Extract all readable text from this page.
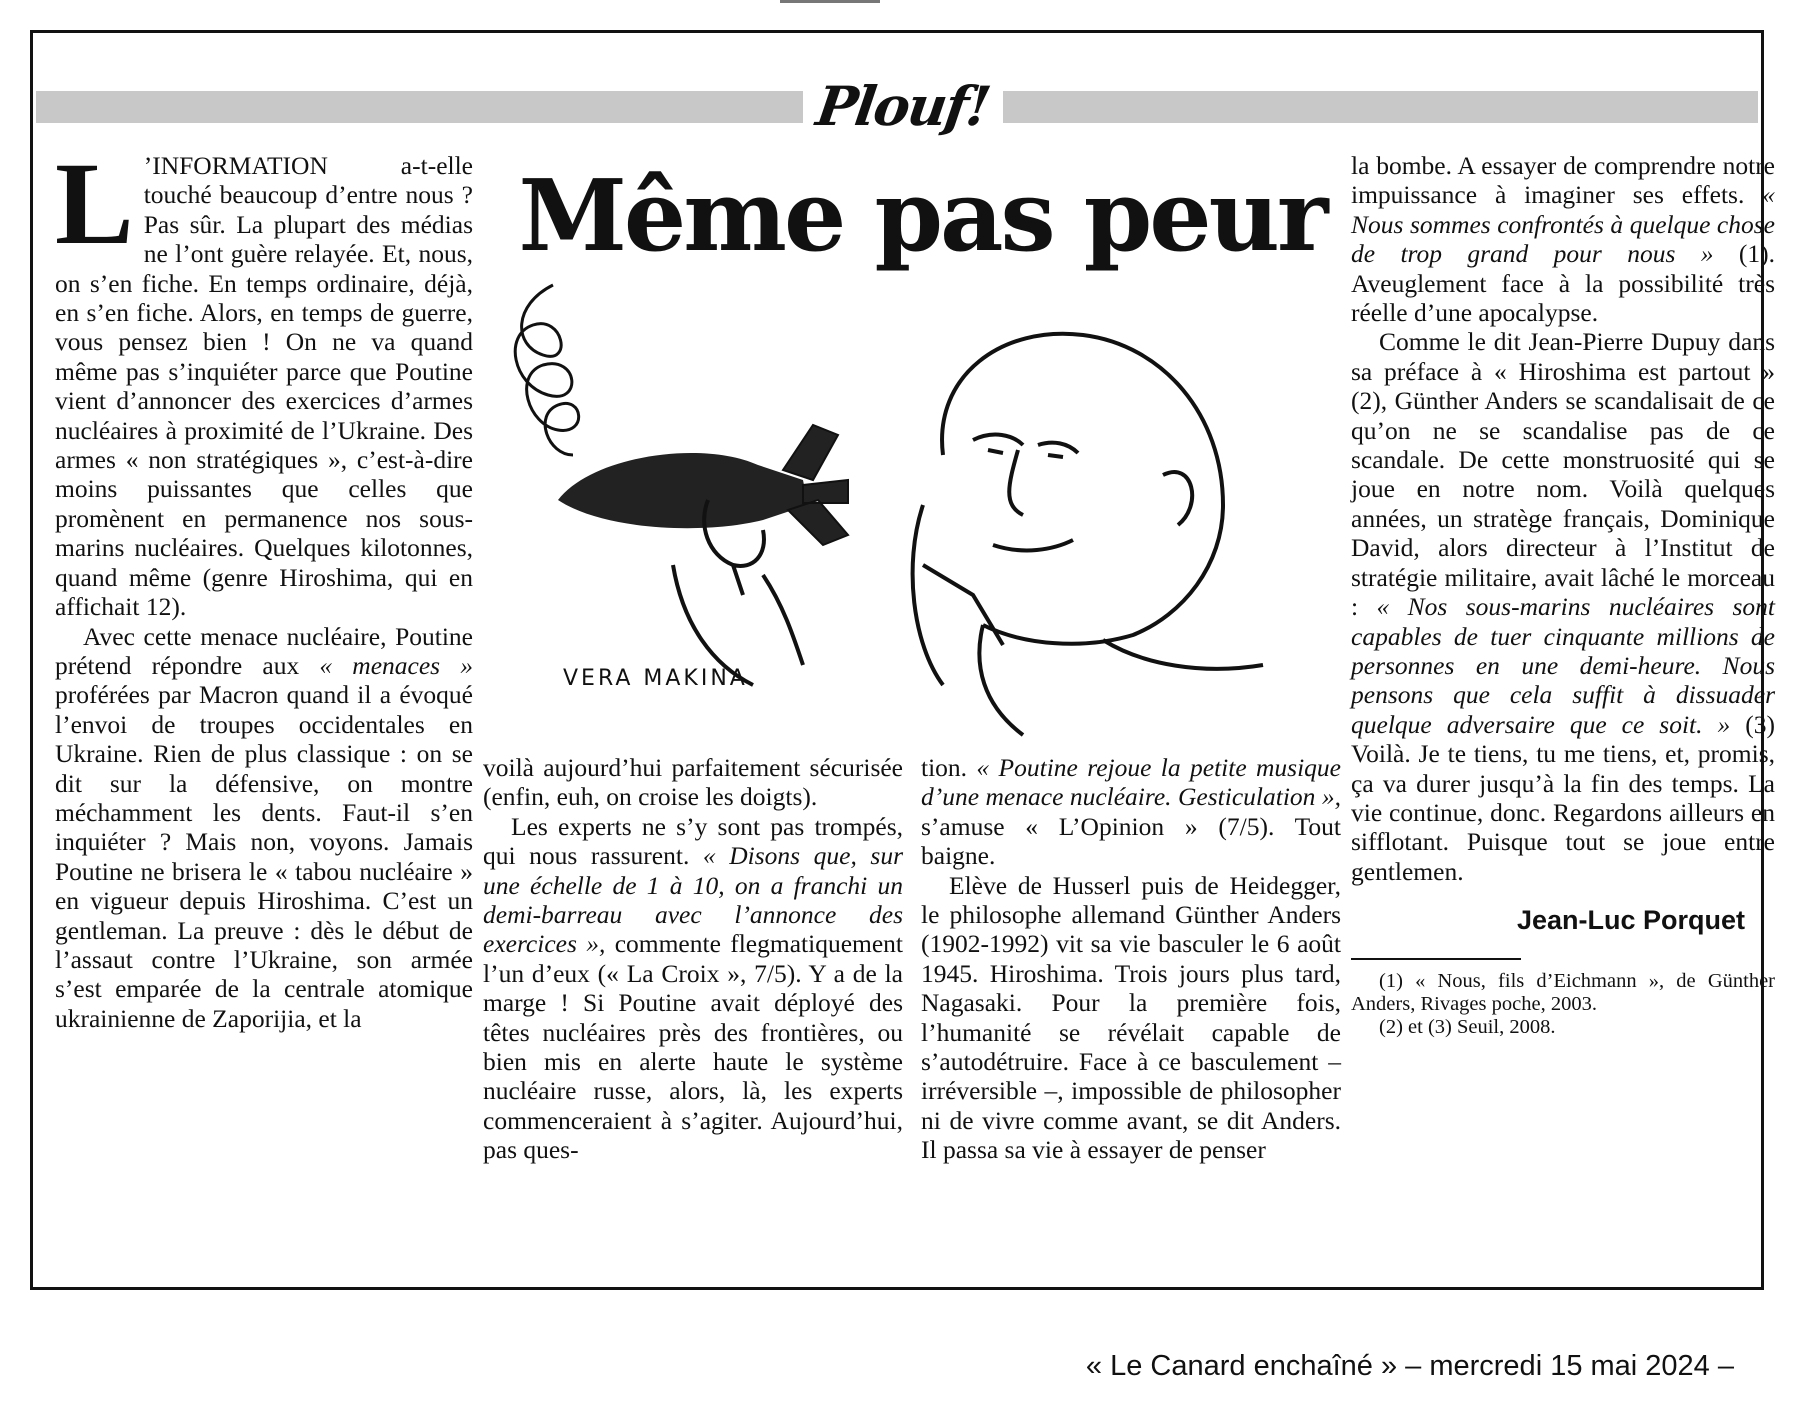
Plouf!

L ’INFORMATION a-t-elle touché beaucoup d’entre nous ? Pas sûr. La plupart des médias ne l’ont guère relayée. Et, nous, on s’en fiche. En temps ordinaire, déjà, en s’en fiche. Alors, en temps de guerre, vous pensez bien ! On ne va quand même pas s’inquiéter parce que Poutine vient d’annoncer des exercices d’armes nucléaires à proximité de l’Ukraine. Des armes « non stratégiques », c’est-à-dire moins puissantes que celles que promènent en permanence nos sous-marins nucléaires. Quelques kilotonnes, quand même (genre Hiroshima, qui en affichait 12).

Avec cette menace nucléaire, Poutine prétend répondre aux « menaces » proférées par Macron quand il a évoqué l’envoi de troupes occidentales en Ukraine. Rien de plus classique : on se dit sur la défensive, on montre méchamment les dents. Faut-il s’en inquiéter ? Mais non, voyons. Jamais Poutine ne brisera le « tabou nucléaire » en vigueur depuis Hiroshima. C’est un gentleman. La preuve : dès le début de l’assaut contre l’Ukraine, son armée s’est emparée de la centrale atomique ukrainienne de Zaporijia, et la

Même pas peur
VERA MAKINA

voilà aujourd’hui parfaitement sécurisée (enfin, euh, on croise les doigts).

Les experts ne s’y sont pas trompés, qui nous rassurent. « Disons que, sur une échelle de 1 à 10, on a franchi un demi-barreau avec l’annonce des exercices », commente flegmatiquement l’un d’eux (« La Croix », 7/5). Y a de la marge ! Si Poutine avait déployé des têtes nucléaires près des frontières, ou bien mis en alerte haute le système nucléaire russe, alors, là, les experts commenceraient à s’agiter. Aujourd’hui, pas ques-

tion. « Poutine rejoue la petite musique d’une menace nucléaire. Gesticulation », s’amuse « L’Opinion » (7/5). Tout baigne.

Elève de Husserl puis de Heidegger, le philosophe allemand Günther Anders (1902-1992) vit sa vie basculer le 6 août 1945. Hiroshima. Trois jours plus tard, Nagasaki. Pour la première fois, l’humanité se révélait capable de s’autodétruire. Face à ce basculement – irréversible –, impossible de philosopher ni de vivre comme avant, se dit Anders. Il passa sa vie à essayer de penser

la bombe. A essayer de comprendre notre impuissance à imaginer ses effets. « Nous sommes confrontés à quelque chose de trop grand pour nous » (1). Aveuglement face à la possibilité très réelle d’une apocalypse.

Comme le dit Jean-Pierre Dupuy dans sa préface à « Hiroshima est partout » (2), Günther Anders se scandalisait de ce qu’on ne se scandalise pas de ce scandale. De cette monstruosité qui se joue en notre nom. Voilà quelques années, un stratège français, Dominique David, alors directeur à l’Institut de stratégie militaire, avait lâché le morceau : « Nos sous-marins nucléaires sont capables de tuer cinquante millions de personnes en une demi-heure. Nous pensons que cela suffit à dissuader quelque adversaire que ce soit. » (3) Voilà. Je te tiens, tu me tiens, et, promis, ça va durer jusqu’à la fin des temps. La vie continue, donc. Regardons ailleurs en sifflotant. Puisque tout se joue entre gentlemen.

Jean-Luc Porquet

(1) « Nous, fils d’Eichmann », de Günther Anders, Rivages poche, 2003.

(2) et (3) Seuil, 2008.

« Le Canard enchaîné » – mercredi 15 mai 2024 –
